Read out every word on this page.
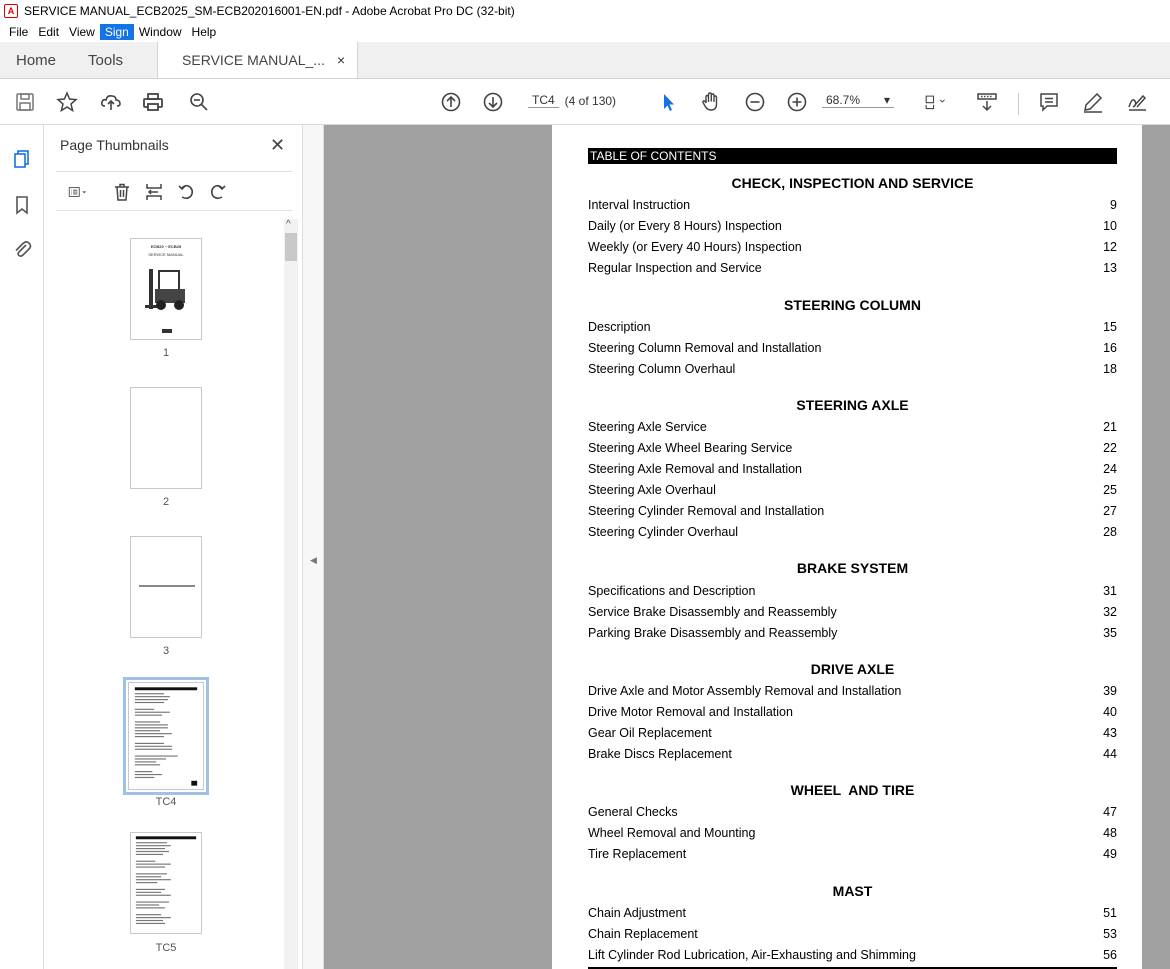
A SERVICE MANUAL_ECB2025_SM-ECB202016001-EN.pdf - Adobe Acrobat Pro DC (32-bit)
File Edit View Sign Window Help
Home	Tools	SERVICE MANUAL_... ×
TC4 (4 of 130)	68.7% ▾
Page Thumbnails	✕
^
ECB20 ~ ECB25
SERVICE MANUAL
1
2
3
TC4
TC5
◀
TABLE OF CONTENTS
CHECK, INSPECTION AND SERVICE
Interval Instruction	9
Daily (or Every 8 Hours) Inspection	10
Weekly (or Every 40 Hours) Inspection	12
Regular Inspection and Service	13
STEERING COLUMN
Description	15
Steering Column Removal and Installation	16
Steering Column Overhaul	18
STEERING AXLE
Steering Axle Service	21
Steering Axle Wheel Bearing Service	22
Steering Axle Removal and Installation	24
Steering Axle Overhaul	25
Steering Cylinder Removal and Installation	27
Steering Cylinder Overhaul	28
BRAKE SYSTEM
Specifications and Description	31
Service Brake Disassembly and Reassembly	32
Parking Brake Disassembly and Reassembly	35
DRIVE AXLE
Drive Axle and Motor Assembly Removal and Installation	39
Drive Motor Removal and Installation	40
Gear Oil Replacement	43
Brake Discs Replacement	44
WHEEL  AND TIRE
General Checks	47
Wheel Removal and Mounting	48
Tire Replacement	49
MAST
Chain Adjustment	51
Chain Replacement	53
Lift Cylinder Rod Lubrication, Air-Exhausting and Shimming	56
